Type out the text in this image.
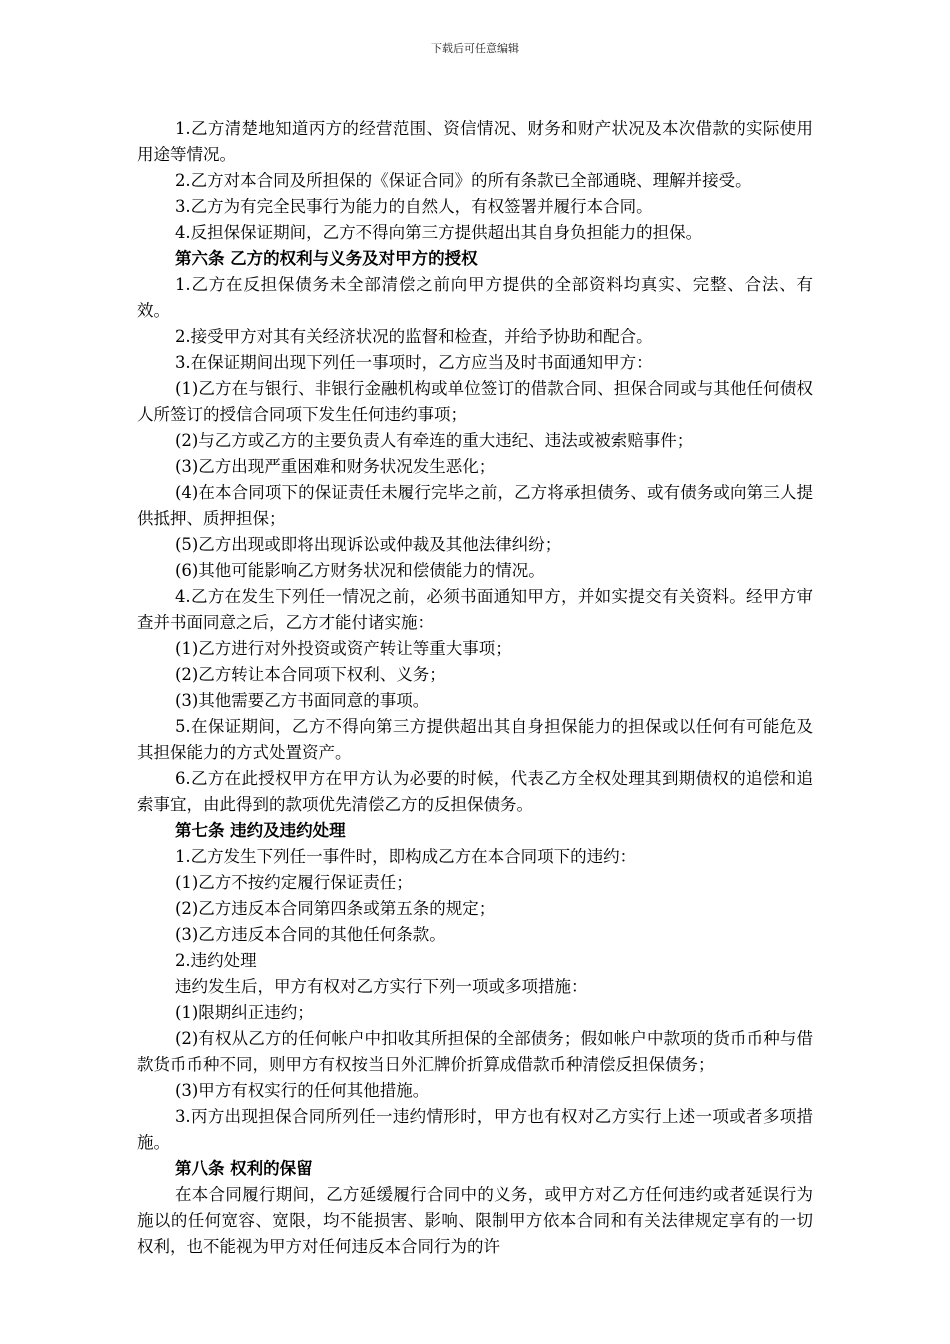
下载后可任意编辑

1.乙方清楚地知道丙方的经营范围、资信情况、财务和财产状况及本次借款的实际使用用途等情况。

2.乙方对本合同及所担保的《保证合同》的所有条款已全部通晓、理解并接受。

3.乙方为有完全民事行为能力的自然人，有权签署并履行本合同。

4.反担保保证期间，乙方不得向第三方提供超出其自身负担能力的担保。

第六条 乙方的权利与义务及对甲方的授权

1.乙方在反担保债务未全部清偿之前向甲方提供的全部资料均真实、完整、合法、有效。

2.接受甲方对其有关经济状况的监督和检查，并给予协助和配合。

3.在保证期间出现下列任一事项时，乙方应当及时书面通知甲方：

(1)乙方在与银行、非银行金融机构或单位签订的借款合同、担保合同或与其他任何债权人所签订的授信合同项下发生任何违约事项；

(2)与乙方或乙方的主要负责人有牵连的重大违纪、违法或被索赔事件；

(3)乙方出现严重困难和财务状况发生恶化；

(4)在本合同项下的保证责任未履行完毕之前，乙方将承担债务、或有债务或向第三人提供抵押、质押担保；

(5)乙方出现或即将出现诉讼或仲裁及其他法律纠纷；

(6)其他可能影响乙方财务状况和偿债能力的情况。

4.乙方在发生下列任一情况之前，必须书面通知甲方，并如实提交有关资料。经甲方审查并书面同意之后，乙方才能付诸实施：

(1)乙方进行对外投资或资产转让等重大事项；

(2)乙方转让本合同项下权利、义务；

(3)其他需要乙方书面同意的事项。

5.在保证期间，乙方不得向第三方提供超出其自身担保能力的担保或以任何有可能危及其担保能力的方式处置资产。

6.乙方在此授权甲方在甲方认为必要的时候，代表乙方全权处理其到期债权的追偿和追索事宜，由此得到的款项优先清偿乙方的反担保债务。

第七条 违约及违约处理

1.乙方发生下列任一事件时，即构成乙方在本合同项下的违约：

(1)乙方不按约定履行保证责任；

(2)乙方违反本合同第四条或第五条的规定；

(3)乙方违反本合同的其他任何条款。

2.违约处理

违约发生后，甲方有权对乙方实行下列一项或多项措施：

(1)限期纠正违约；

(2)有权从乙方的任何帐户中扣收其所担保的全部债务；假如帐户中款项的货币币种与借款货币币种不同，则甲方有权按当日外汇牌价折算成借款币种清偿反担保债务；

(3)甲方有权实行的任何其他措施。

3.丙方出现担保合同所列任一违约情形时，甲方也有权对乙方实行上述一项或者多项措施。

第八条 权利的保留

在本合同履行期间，乙方延缓履行合同中的义务，或甲方对乙方任何违约或者延误行为施以的任何宽容、宽限，均不能损害、影响、限制甲方依本合同和有关法律规定享有的一切权利，也不能视为甲方对任何违反本合同行为的许
